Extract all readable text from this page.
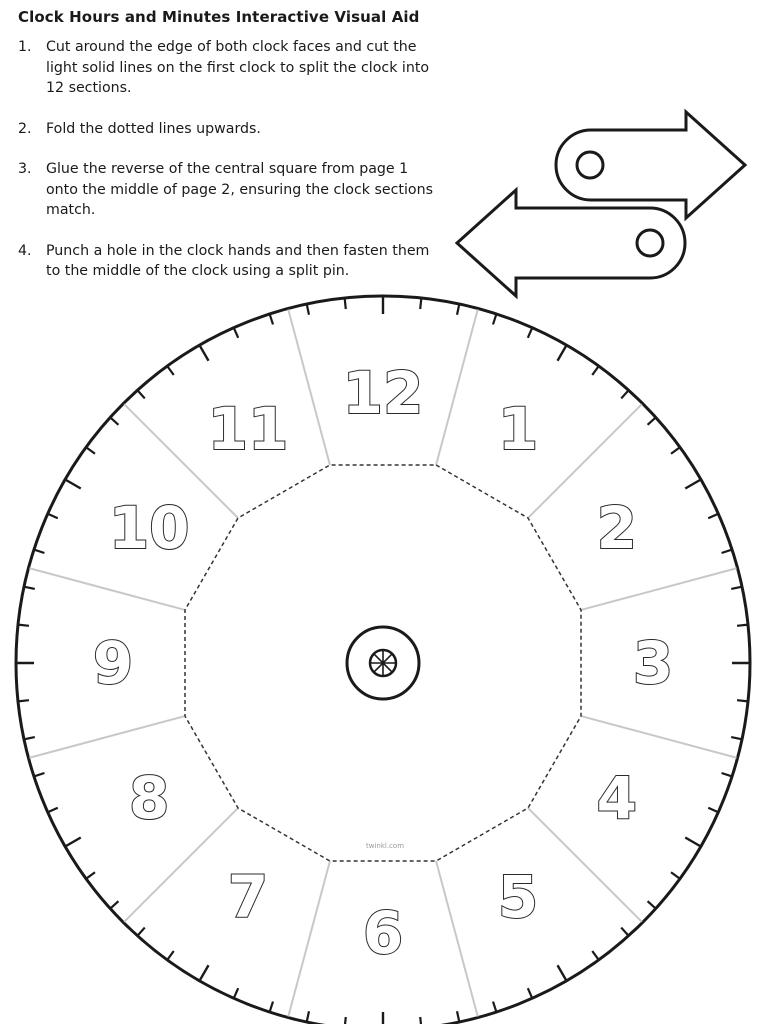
Clock Hours and Minutes Interactive Visual Aid
1.	Cut around the edge of both clock faces and cut the light solid lines on the first clock to split the clock into 12 sections.
2.	Fold the dotted lines upwards.
3.	Glue the reverse of the central square from page 1 onto the middle of page 2, ensuring the clock sections match.
4.	Punch a hole in the clock hands and then fasten them to the middle of the clock using a split pin.
12
1
2
3
4
5
6
7
8
9
10
11
twinkl.com
